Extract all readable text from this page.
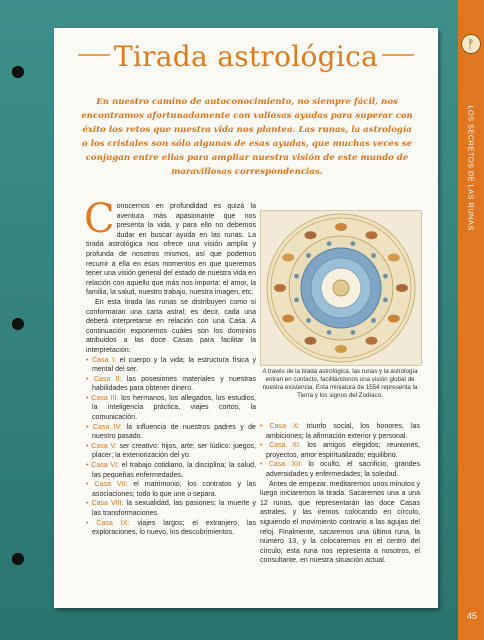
ᚠ
LOS SECRETOS DE LAS RUNAS
45
Tirada astrológica

En nuestro camino de autoconocimiento, no siempre fácil, nos encontramos afortunadamente con valiosas ayudas para superar con éxito los retos que nuestra vida nos plantea. Las runas, la astrología o los cristales son sólo algunas de esas ayudas, que muchas veces se conjugan entre ellas para ampliar nuestra visión de este mundo de maravillosas correspondencias.

Conocernos en profundidad es quizá la aventura más apasionante que nos presenta la vida, y para ello no debemos dudar en buscar ayuda en las runas. La tirada astrológica nos ofrece una visión amplia y profunda de nosotros mismos, así que podemos recurrir a ella en esos momentos en que queremos tener una visión general del estado de nuestra vida en relación con aquello que más nos importa: el amor, la familia, la salud, nuestro trabajo, nuestra imagen, etc.

En esta tirada las runas se distribuyen como si conformaran una carta astral; es decir, cada una deberá interpretarse en relación con una Casa. A continuación exponemos cuáles son los dominios atribuidos a las doce Casas para facilitar la interpretación:

• Casa I: el cuerpo y la vida; la estructura física y mental del ser.

• Casa II: las posesiones materiales y nuestras habilidades para obtener dinero.

• Casa III: los hermanos, los allegados, los estudios, la inteligencia práctica, viajes cortos, la comunicación.

• Casa IV: la influencia de nuestros padres y de nuestro pasado.

• Casa V: ser creativo: hijos, arte; ser lúdico: juegos, placer; la exteriorización del yo.

• Casa VI: el trabajo cotidiano, la disciplina; la salud, las pequeñas enfermedades.

• Casa VII: el matrimonio, los contratos y las asociaciones; todo lo que une o separa.

• Casa VIII: la sexualidad, las pasiones; la muerte y las transformaciones.

• Casa IX: viajes largos; el extranjero, las exploraciones, lo nuevo, los descubrimientos.

A través de la tirada astrológica, las runas y la astrología entran en contacto, facilitándonos una visión global de nuestra existencia. Esta miniatura de 1554 representa la Tierra y los signos del Zodíaco.

• Casa X: triunfo social, los honores, las ambiciones; la afirmación exterior y personal.

• Casa XI: los amigos elegidos; reuniones, proyectos, amor espiritualizado; equilibrio.

• Casa XII: lo oculto, el sacrificio, grandes adversidades y enfermedades; la soledad.

Antes de empezar, meditaremos unos minutos y luego iniciaremos la tirada. Sacaremos una a una 12 runas, que representarán las doce Casas astrales, y las iremos colocando en círculo, siguiendo el movimiento contrario a las agujas del reloj. Finalmente, sacaremos una última runa, la número 13, y la colocaremos en el centro del círculo; esta runa nos representa a nosotros, el consultante, en nuestra situación actual.
